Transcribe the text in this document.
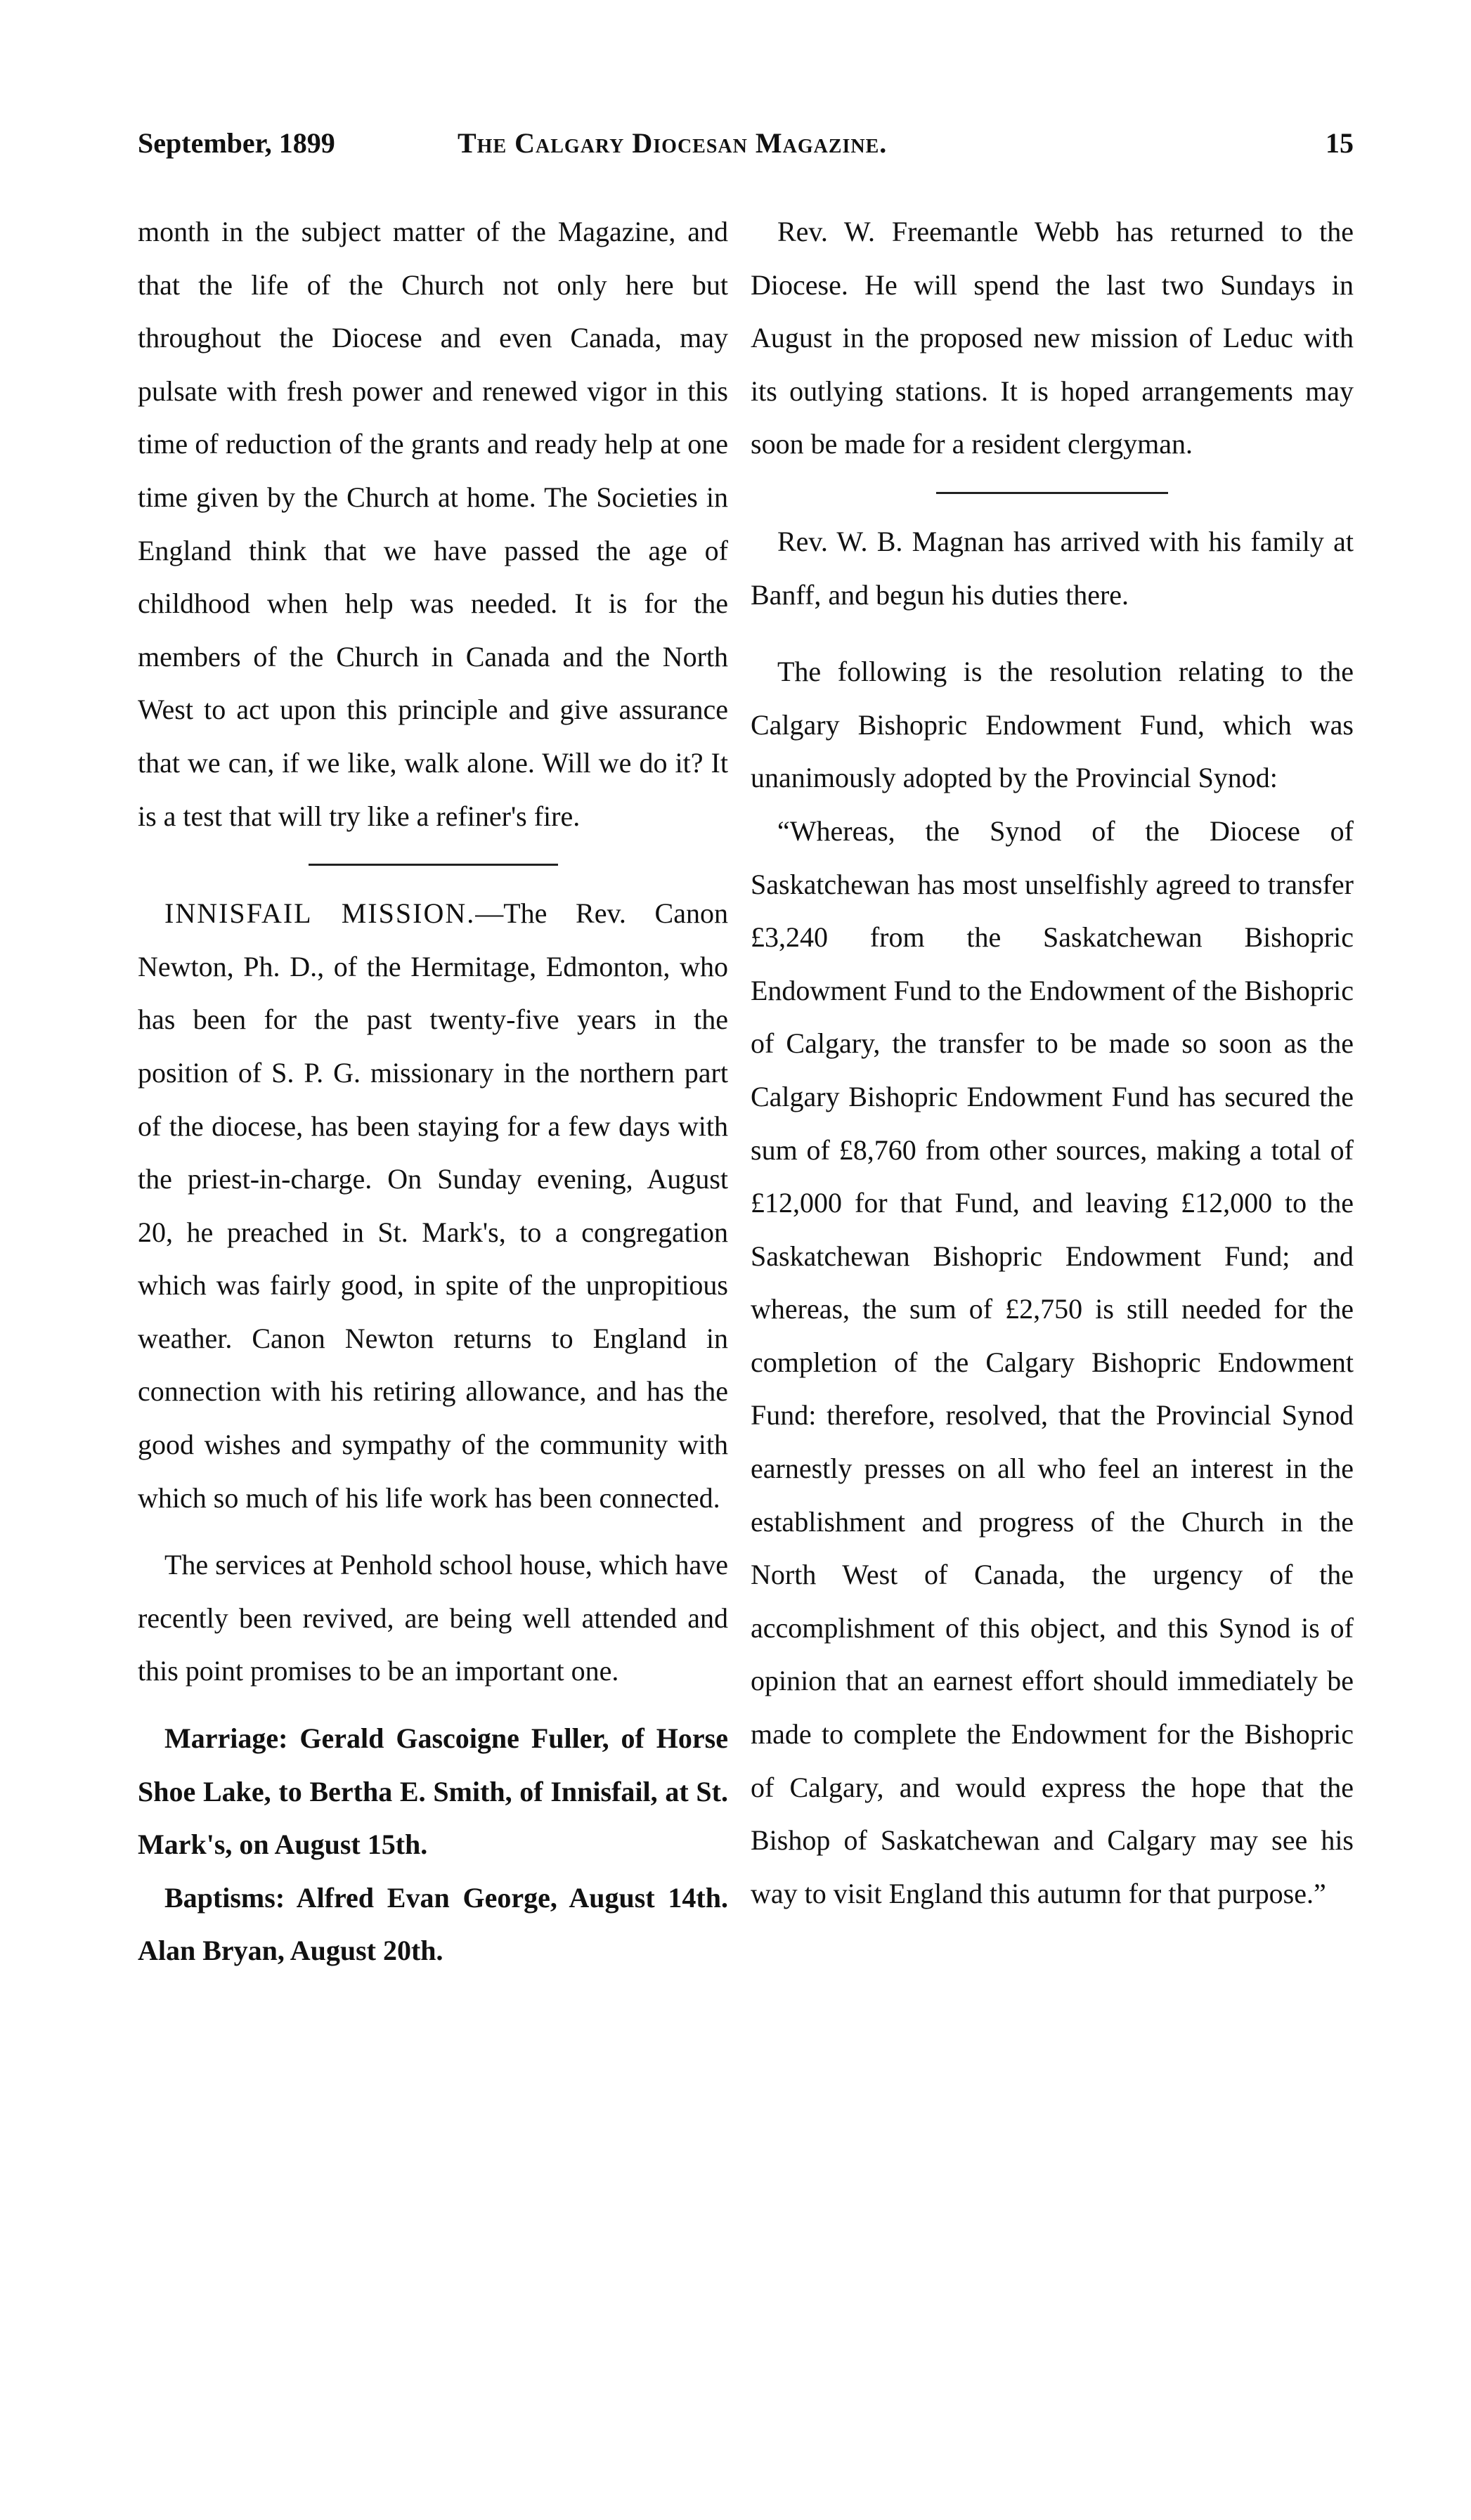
September, 1899	The Calgary Diocesan Magazine.	15

month in the subject matter of the Magazine, and that the life of the Church not only here but throughout the Diocese and even Canada, may pulsate with fresh power and renewed vigor in this time of reduction of the grants and ready help at one time given by the Church at home. The Societies in England think that we have passed the age of childhood when help was needed. It is for the members of the Church in Canada and the North West to act upon this principle and give assurance that we can, if we like, walk alone. Will we do it? It is a test that will try like a refiner's fire.

INNISFAIL MISSION.—The Rev. Canon Newton, Ph. D., of the Hermitage, Edmonton, who has been for the past twenty-five years in the position of S. P. G. missionary in the northern part of the diocese, has been staying for a few days with the priest-in-charge. On Sunday evening, August 20, he preached in St. Mark's, to a congregation which was fairly good, in spite of the unpropitious weather. Canon Newton returns to England in connection with his retiring allowance, and has the good wishes and sympathy of the community with which so much of his life work has been connected.

The services at Penhold school house, which have recently been revived, are being well attended and this point promises to be an important one.

Marriage: Gerald Gascoigne Fuller, of Horse Shoe Lake, to Bertha E. Smith, of Innisfail, at St. Mark's, on August 15th.

Baptisms: Alfred Evan George, August 14th. Alan Bryan, August 20th.

Rev. W. Freemantle Webb has returned to the Diocese. He will spend the last two Sundays in August in the proposed new mission of Leduc with its outlying stations. It is hoped arrangements may soon be made for a resident clergyman.

Rev. W. B. Magnan has arrived with his family at Banff, and begun his duties there.

The following is the resolution relating to the Calgary Bishopric Endowment Fund, which was unanimously adopted by the Provincial Synod:

“Whereas, the Synod of the Diocese of Saskatchewan has most unselfishly agreed to transfer £3,240 from the Saskatchewan Bishopric Endowment Fund to the Endowment of the Bishopric of Calgary, the transfer to be made so soon as the Calgary Bishopric Endowment Fund has secured the sum of £8,760 from other sources, making a total of £12,000 for that Fund, and leaving £12,000 to the Saskatchewan Bishopric Endowment Fund; and whereas, the sum of £2,750 is still needed for the completion of the Calgary Bishopric Endowment Fund: therefore, resolved, that the Provincial Synod earnestly presses on all who feel an interest in the establishment and progress of the Church in the North West of Canada, the urgency of the accomplishment of this object, and this Synod is of opinion that an earnest effort should immediately be made to complete the Endowment for the Bishopric of Calgary, and would express the hope that the Bishop of Saskatchewan and Calgary may see his way to visit England this autumn for that purpose.”
